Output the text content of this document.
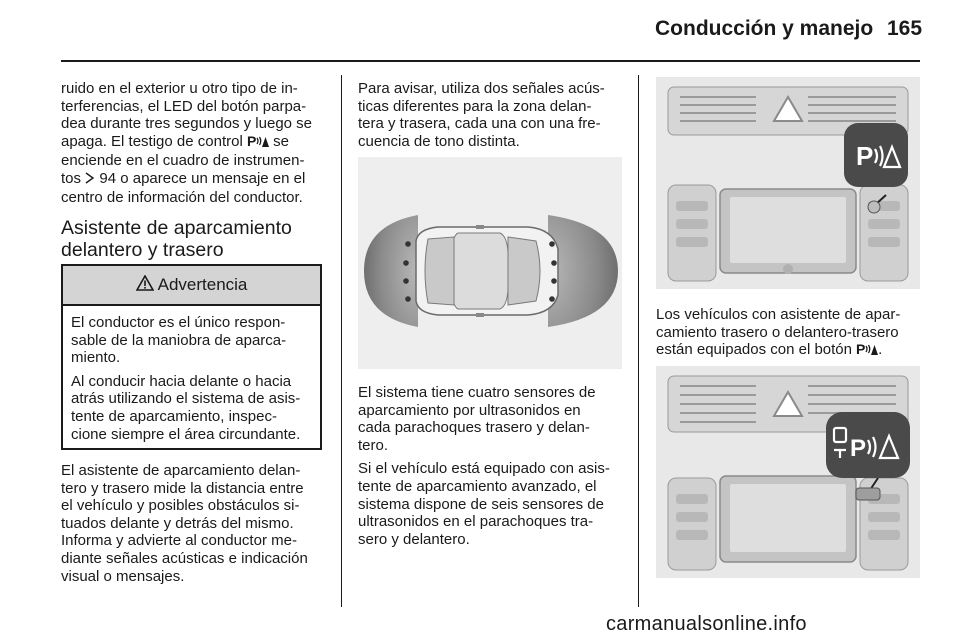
Conducción y manejo 165

ruido en el exterior u otro tipo de in-
terferencias, el LED del botón parpa-
dea durante tres segundos y luego se
apaga. El testigo de control P se
enciende en el cuadro de instrumen-
tos 94 o aparece un mensaje en el
centro de información del conductor.

Asistente de aparcamiento
delantero y trasero
Advertencia

El conductor es el único respon-
sable de la maniobra de aparca-
miento.

Al conducir hacia delante o hacia
atrás utilizando el sistema de asis-
tente de aparcamiento, inspec-
cione siempre el área circundante.

El asistente de aparcamiento delan-
tero y trasero mide la distancia entre
el vehículo y posibles obstáculos si-
tuados delante y detrás del mismo.
Informa y advierte al conductor me-
diante señales acústicas e indicación
visual o mensajes.

Para avisar, utiliza dos señales acús-
ticas diferentes para la zona delan-
tera y trasera, cada una con una fre-
cuencia de tono distinta.

El sistema tiene cuatro sensores de
aparcamiento por ultrasonidos en
cada parachoques trasero y delan-
tero.

Si el vehículo está equipado con asis-
tente de aparcamiento avanzado, el
sistema dispone de seis sensores de
ultrasonidos en el parachoques tra-
sero y delantero.

P

Los vehículos con asistente de apar-
camiento trasero o delantero-trasero
están equipados con el botón P .

P
carmanualsonline.info
